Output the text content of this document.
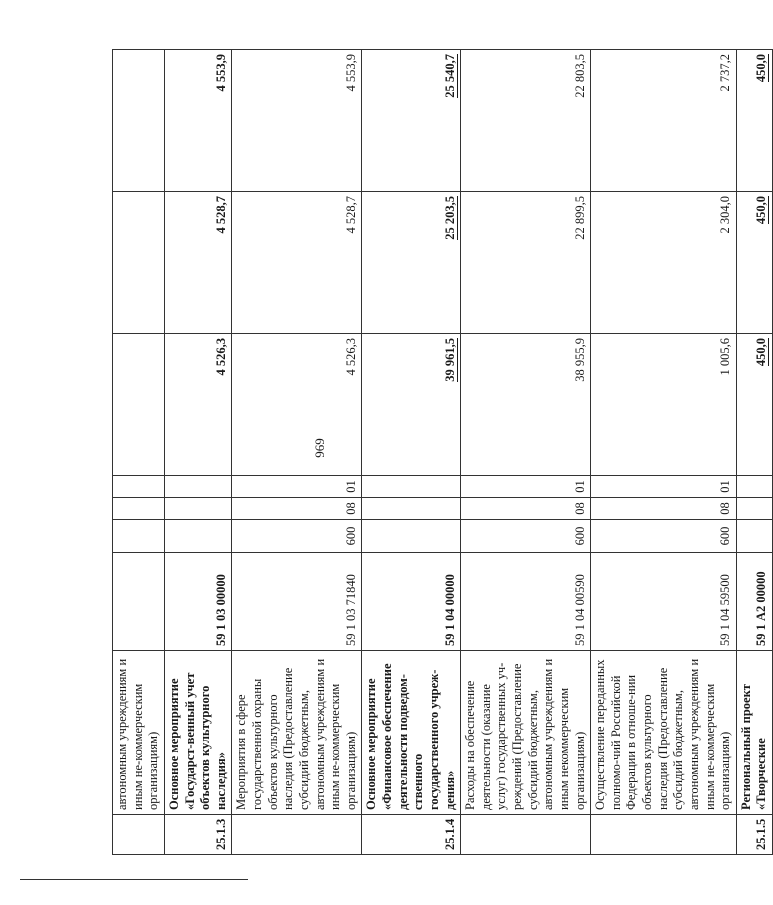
969
	автономным учреждениям и иным не-коммерческим организациям)							
25.1.3	Основное мероприятие «Государст-венный учет объектов культурного наследия»	59 1 03 00000				4 526,3	4 528,7	4 553,9
	Мероприятия в сфере государственной охраны объектов культурного наследия (Предоставление субсидий бюджетным, автономным учреждениям и иным не-коммерческим организациям)	59 1 03 71840	600	08	01	4 526,3	4 528,7	4 553,9
25.1.4	Основное мероприятие «Финансовое обеспечение деятельности подведом-ственного государственного учреж-дения»	59 1 04 00000				39 961,5	25 203,5	25 540,7
	Расходы на обеспечение деятельности (оказание услуг) государственных уч-реждений (Предоставление субсидий бюджетным, автономным учреждениям и иным некоммерческим организациям)	59 1 04 00590	600	08	01	38 955,9	22 899,5	22 803,5
	Осуществление переданных полномо-чий Российской Федерации в отноше-нии объектов культурного наследия (Предоставление субсидий бюджетным, автономным учреждениям и иным не-коммерческим организациям)	59 1 04 59500	600	08	01	1 005,6	2 304,0	2 737,2
25.1.5	Региональный проект «Творческие	59 1 А2 00000				450,0	450,0	450,0
